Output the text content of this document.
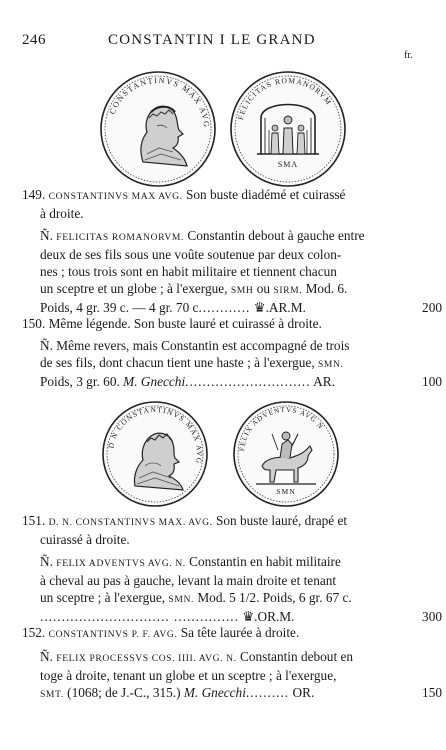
246	CONSTANTIN I LE GRAND
fr.
CONSTANTINVS MAX AVG
FELICITAS ROMANORVM
SMA
149. CONSTANTINVS MAX AVG. Son buste diadémé et cuirassé
à droite.
Ñ. FELICITAS ROMANORVM. Constantin debout à gauche entre
deux de ses fils sous une voûte soutenue par deux colon-
nes ; tous trois sont en habit militaire et tiennent chacun
un sceptre et un globe ; à l'exergue, SMH ou SIRM. Mod. 6.
Poids, 4 gr. 39 c. — 4 gr. 70 c............ ♛.AR.M.	200
150. Même légende. Son buste lauré et cuirassé à droite.
Ñ. Même revers, mais Constantin est accompagné de trois
de ses fils, dont chacun tient une haste ; à l'exergue, SMN.
Poids, 3 gr. 60. M. Gnecchi............................. AR.	100
D N CONSTANTINVS MAX AVG
FELIX ADVENTVS AVG N
SMN
151. D. N. CONSTANTINVS MAX. AVG. Son buste lauré, drapé et
cuirassé à droite.
Ñ. FELIX ADVENTVS AVG. N. Constantin en habit militaire
à cheval au pas à gauche, levant la main droite et tenant
un sceptre ; à l'exergue, SMN. Mod. 5 1/2. Poids, 6 gr. 67 c.
.............................. ............... ♛.OR.M.	300
152. CONSTANTINVS P. F. AVG. Sa tête laurée à droite.
Ñ. FELIX PROCESSVS COS. IIII. AVG. N. Constantin debout en
toge à droite, tenant un globe et un sceptre ; à l'exergue,
SMT. (1068; de J.-C., 315.) M. Gnecchi.......... OR.	150
